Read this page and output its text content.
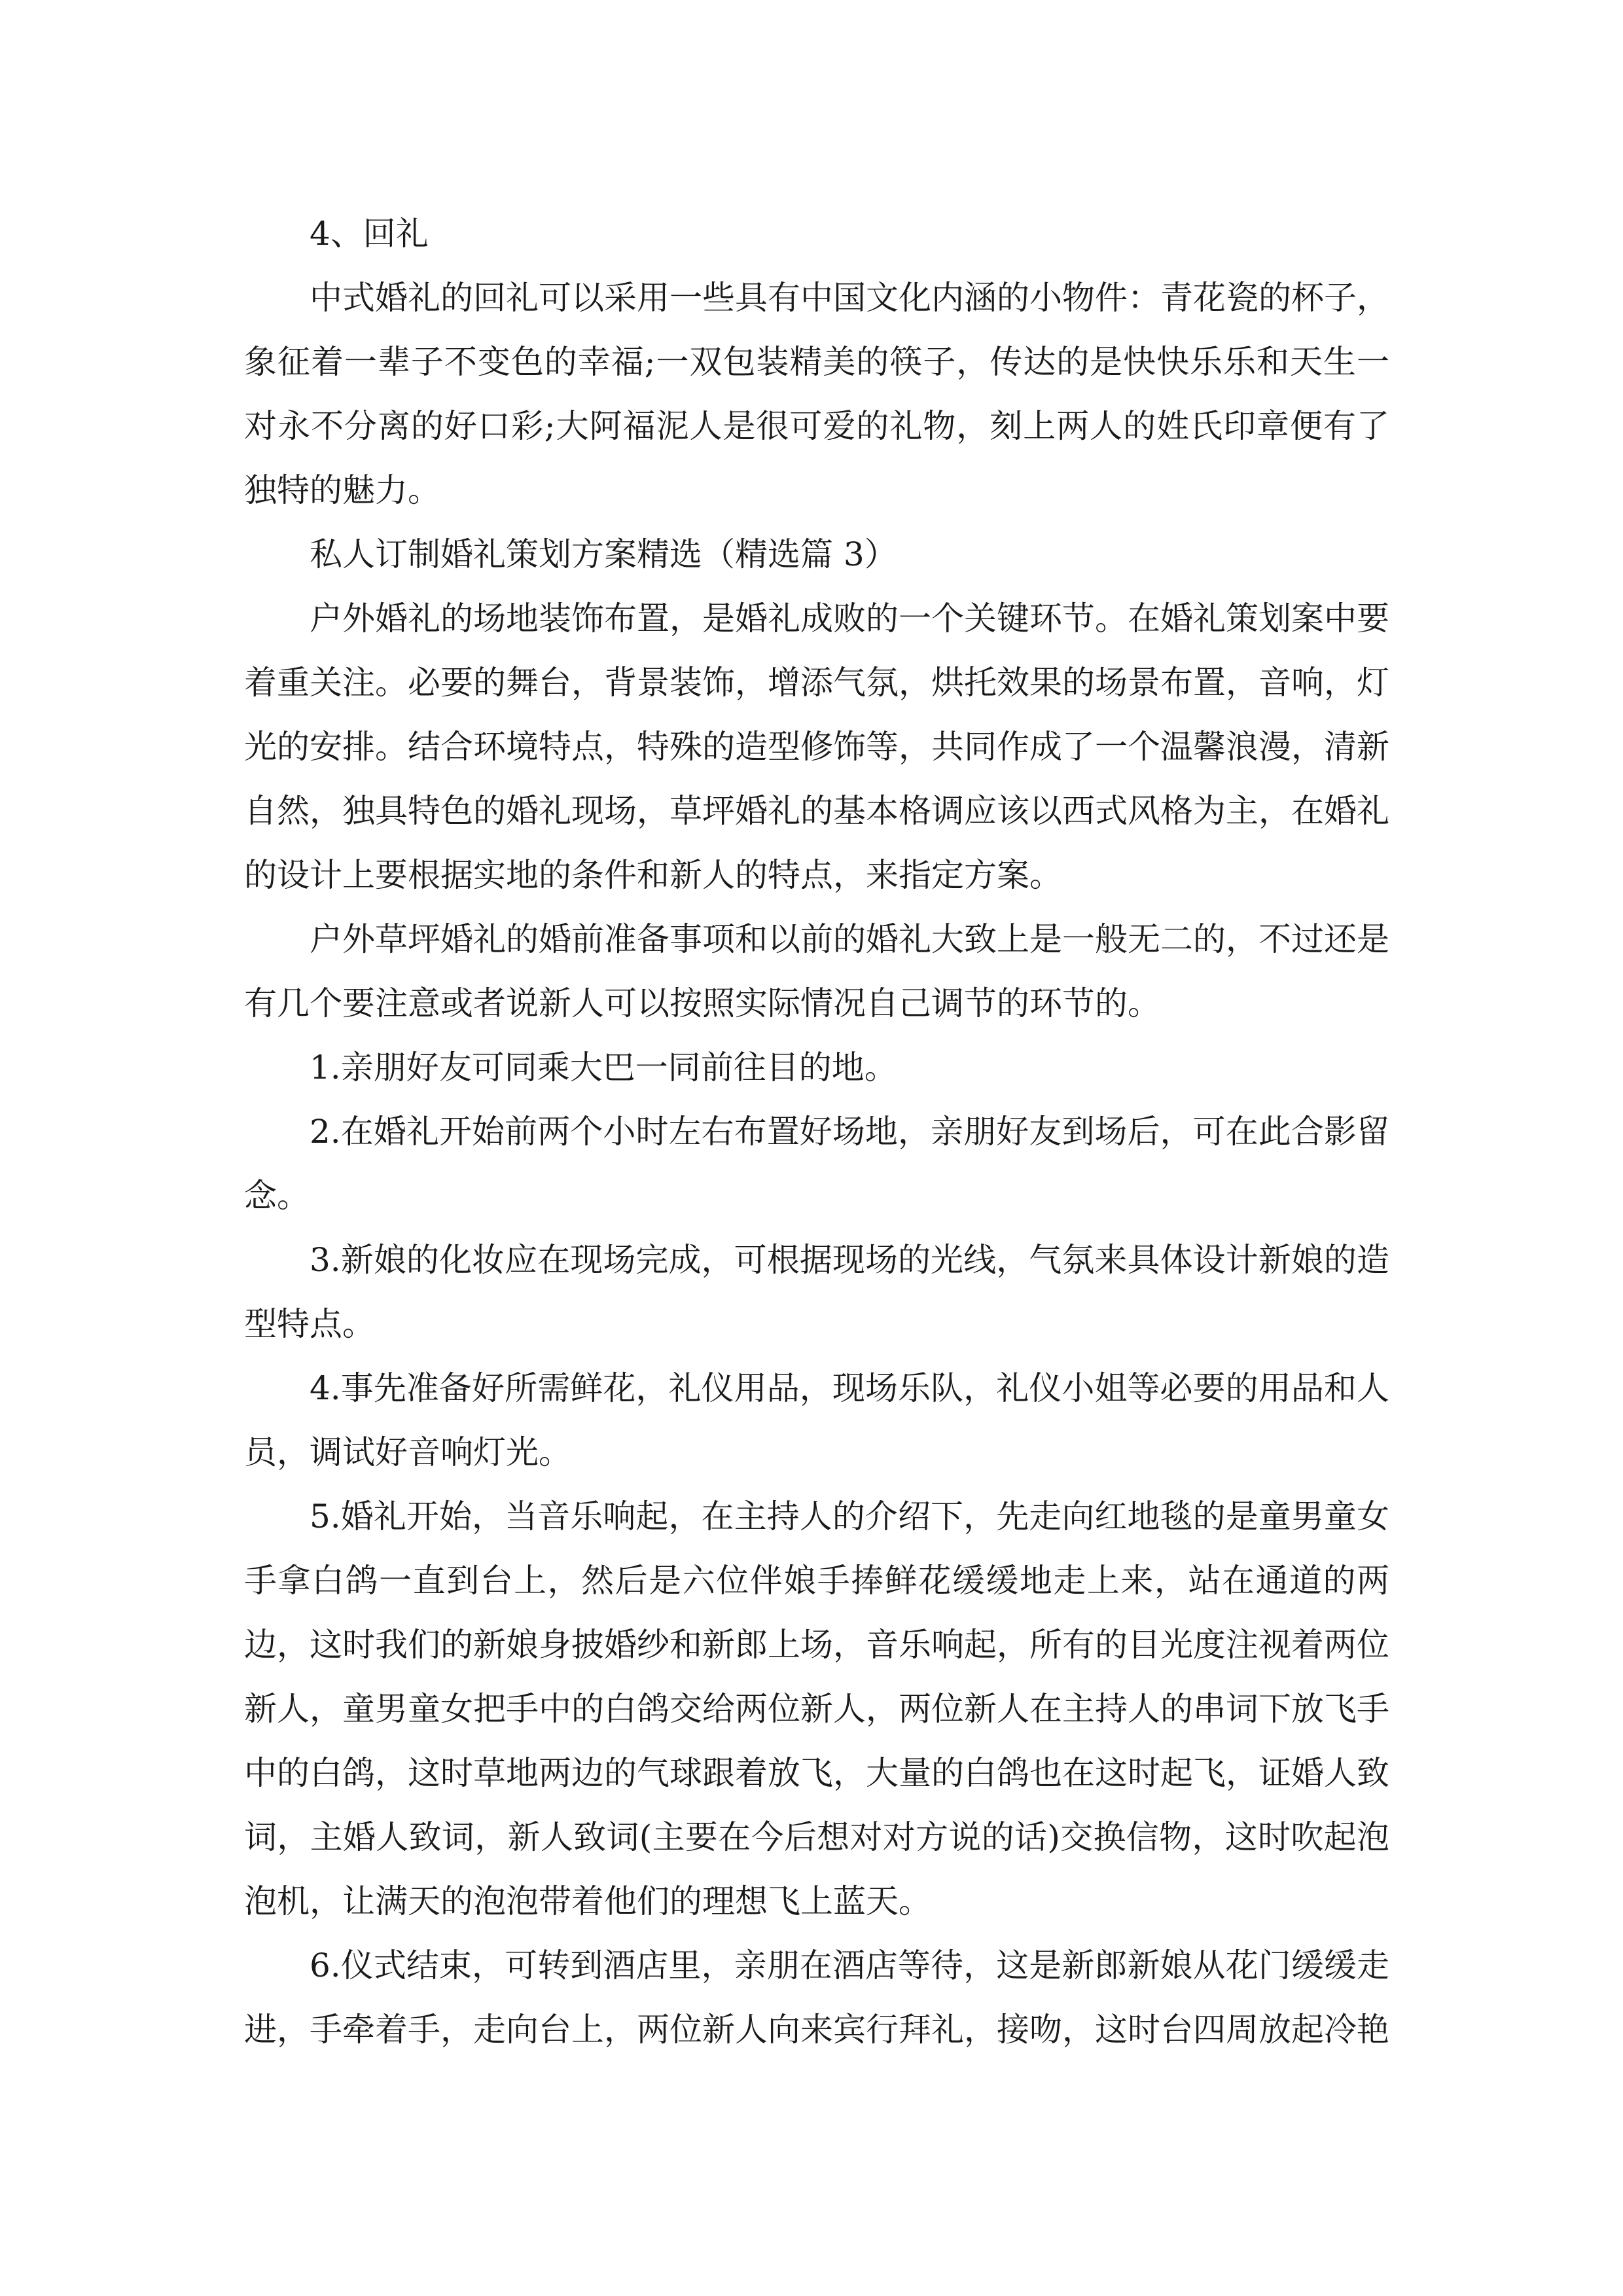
4、回礼

中式婚礼的回礼可以采用一些具有中国文化内涵的小物件：青花瓷的杯子，象征着一辈子不变色的幸福;一双包装精美的筷子，传达的是快快乐乐和天生一对永不分离的好口彩;大阿福泥人是很可爱的礼物，刻上两人的姓氏印章便有了独特的魅力。

私人订制婚礼策划方案精选（精选篇 3）

户外婚礼的场地装饰布置，是婚礼成败的一个关键环节。在婚礼策划案中要着重关注。必要的舞台，背景装饰，增添气氛，烘托效果的场景布置，音响，灯光的安排。结合环境特点，特殊的造型修饰等，共同作成了一个温馨浪漫，清新自然，独具特色的婚礼现场，草坪婚礼的基本格调应该以西式风格为主，在婚礼的设计上要根据实地的条件和新人的特点，来指定方案。

户外草坪婚礼的婚前准备事项和以前的婚礼大致上是一般无二的，不过还是有几个要注意或者说新人可以按照实际情况自己调节的环节的。

1.亲朋好友可同乘大巴一同前往目的地。

2.在婚礼开始前两个小时左右布置好场地，亲朋好友到场后，可在此合影留念。

3.新娘的化妆应在现场完成，可根据现场的光线，气氛来具体设计新娘的造型特点。

4.事先准备好所需鲜花，礼仪用品，现场乐队，礼仪小姐等必要的用品和人员，调试好音响灯光。

5.婚礼开始，当音乐响起，在主持人的介绍下，先走向红地毯的是童男童女手拿白鸽一直到台上，然后是六位伴娘手捧鲜花缓缓地走上来，站在通道的两边，这时我们的新娘身披婚纱和新郎上场，音乐响起，所有的目光度注视着两位新人，童男童女把手中的白鸽交给两位新人，两位新人在主持人的串词下放飞手中的白鸽，这时草地两边的气球跟着放飞，大量的白鸽也在这时起飞，证婚人致词，主婚人致词，新人致词(主要在今后想对对方说的话)交换信物，这时吹起泡泡机，让满天的泡泡带着他们的理想飞上蓝天。

6.仪式结束，可转到酒店里，亲朋在酒店等待，这是新郎新娘从花门缓缓走进，手牵着手，走向台上，两位新人向来宾行拜礼，接吻，这时台四周放起冷艳
